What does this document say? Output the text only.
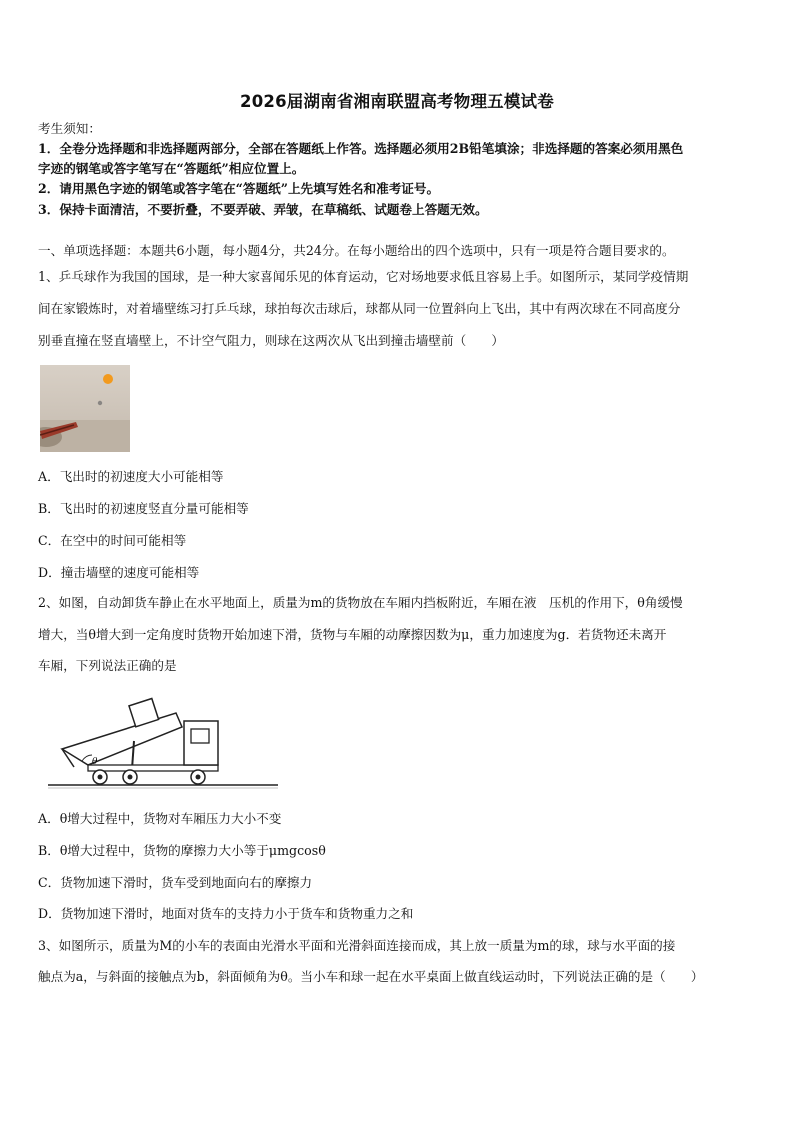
2026届湖南省湘南联盟高考物理五模试卷
考生须知：
1．全卷分选择题和非选择题两部分，全部在答题纸上作答。选择题必须用2B铅笔填涂；非选择题的答案必须用黑色
字迹的钢笔或答字笔写在“答题纸”相应位置上。
2．请用黑色字迹的钢笔或答字笔在“答题纸”上先填写姓名和准考证号。
3．保持卡面清洁，不要折叠，不要弄破、弄皱，在草稿纸、试题卷上答题无效。
一、单项选择题：本题共6小题，每小题4分，共24分。在每小题给出的四个选项中，只有一项是符合题目要求的。
1、乒乓球作为我国的国球，是一种大家喜闻乐见的体育运动，它对场地要求低且容易上手。如图所示，某同学疫情期
间在家锻炼时，对着墙壁练习打乒乓球，球拍每次击球后，球都从同一位置斜向上飞出，其中有两次球在不同高度分
别垂直撞在竖直墙壁上，不计空气阻力，则球在这两次从飞出到撞击墙壁前（　　）
A．飞出时的初速度大小可能相等
B．飞出时的初速度竖直分量可能相等
C．在空中的时间可能相等
D．撞击墙壁的速度可能相等
2、如图，自动卸货车静止在水平地面上，质量为m的货物放在车厢内挡板附近，车厢在液　压机的作用下，θ角缓慢
增大，当θ增大到一定角度时货物开始加速下滑，货物与车厢的动摩擦因数为μ，重力加速度为g．若货物还未离开
车厢，下列说法正确的是
θ
A．θ增大过程中，货物对车厢压力大小不变
B．θ增大过程中，货物的摩擦力大小等于μmgcosθ
C．货物加速下滑时，货车受到地面向右的摩擦力
D．货物加速下滑时，地面对货车的支持力小于货车和货物重力之和
3、如图所示，质量为M的小车的表面由光滑水平面和光滑斜面连接而成，其上放一质量为m的球，球与水平面的接
触点为a，与斜面的接触点为b，斜面倾角为θ。当小车和球一起在水平桌面上做直线运动时，下列说法正确的是（　　）
